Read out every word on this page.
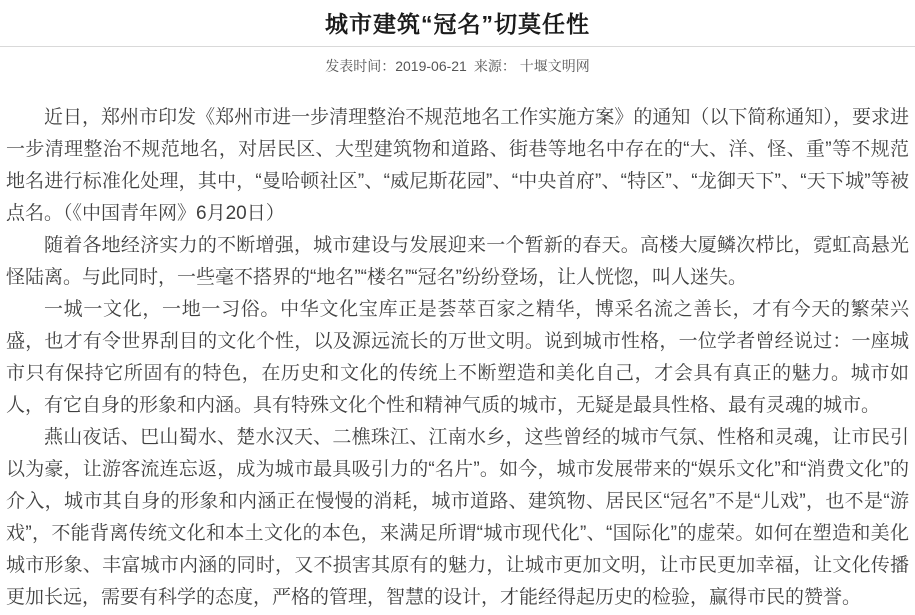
城市建筑“冠名”切莫任性
发表时间：2019-06-21 来源： 十堰文明网

近日，郑州市印发《郑州市进一步清理整治不规范地名工作实施方案》的通知（以下简称通知），要求进一步清理整治不规范地名，对居民区、大型建筑物和道路、街巷等地名中存在的“大、洋、怪、重”等不规范地名进行标准化处理，其中，“曼哈顿社区”、“威尼斯花园”、“中央首府”、“特区”、“龙御天下”、“天下城”等被点名。（《中国青年网》6月20日）

随着各地经济实力的不断增强，城市建设与发展迎来一个暂新的春天。高楼大厦鳞次栉比，霓虹高悬光怪陆离。与此同时，一些毫不搭界的“地名”“楼名”“冠名”纷纷登场，让人恍惚，叫人迷失。

一城一文化，一地一习俗。中华文化宝库正是荟萃百家之精华，博采名流之善长，才有今天的繁荣兴盛，也才有令世界刮目的文化个性，以及源远流长的万世文明。说到城市性格，一位学者曾经说过：一座城市只有保持它所固有的特色，在历史和文化的传统上不断塑造和美化自己，才会具有真正的魅力。城市如人，有它自身的形象和内涵。具有特殊文化个性和精神气质的城市，无疑是最具性格、最有灵魂的城市。

燕山夜话、巴山蜀水、楚水汉天、二樵珠江、江南水乡，这些曾经的城市气氛、性格和灵魂，让市民引以为豪，让游客流连忘返，成为城市最具吸引力的“名片”。如今，城市发展带来的“娱乐文化”和“消费文化”的介入，城市其自身的形象和内涵正在慢慢的消耗，城市道路、建筑物、居民区“冠名”不是“儿戏”，也不是“游戏”，不能背离传统文化和本土文化的本色，来满足所谓“城市现代化”、“国际化”的虚荣。如何在塑造和美化城市形象、丰富城市内涵的同时，又不损害其原有的魅力，让城市更加文明，让市民更加幸福，让文化传播更加长远，需要有科学的态度，严格的管理，智慧的设计，才能经得起历史的检验，赢得市民的赞誉。
